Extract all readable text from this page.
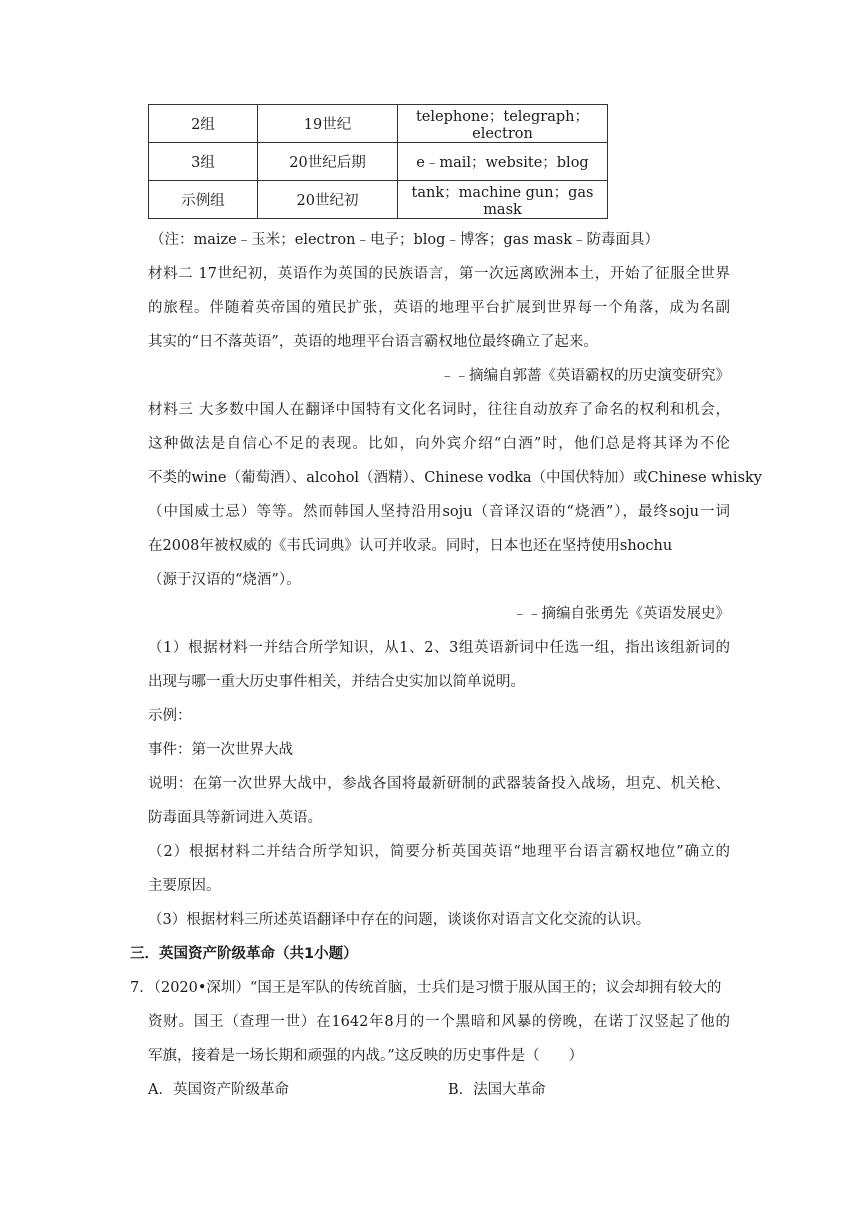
2组	19世纪	telephone；telegraph；electron
3组	20世纪后期	e﹣mail；website；blog
示例组	20世纪初	tank；machine gun；gas mask
（注：maize﹣玉米；electron﹣电子；blog﹣博客；gas mask﹣防毒面具）
材料二 17世纪初，英语作为英国的民族语言，第一次远离欧洲本土，开始了征服全世界
的旅程。伴随着英帝国的殖民扩张，英语的地理平台扩展到世界每一个角落，成为名副
其实的“日不落英语”，英语的地理平台语言霸权地位最终确立了起来。
﹣﹣摘编自郭蔷《英语霸权的历史演变研究》
材料三 大多数中国人在翻译中国特有文化名词时，往往自动放弃了命名的权利和机会，
这种做法是自信心不足的表现。比如，向外宾介绍“白酒”时，他们总是将其译为不伦
不类的wine（葡萄酒）、alcohol（酒精）、Chinese vodka（中国伏特加）或Chinese whisky
（中国威士忌）等等。然而韩国人坚持沿用soju（音译汉语的“烧酒”），最终soju一词
在2008年被权威的《韦氏词典》认可并收录。同时，日本也还在坚持使用shochu
（源于汉语的“烧酒”）。
﹣﹣摘编自张勇先《英语发展史》
（1）根据材料一并结合所学知识，从1、2、3组英语新词中任选一组，指出该组新词的
出现与哪一重大历史事件相关，并结合史实加以简单说明。
示例：
事件：第一次世界大战
说明：在第一次世界大战中，参战各国将最新研制的武器装备投入战场，坦克、机关枪、
防毒面具等新词进入英语。
（2）根据材料二并结合所学知识，简要分析英国英语“地理平台语言霸权地位”确立的
主要原因。
（3）根据材料三所述英语翻译中存在的问题，谈谈你对语言文化交流的认识。
三．英国资产阶级革命（共1小题）
7．（2020•深圳）“国王是军队的传统首脑，士兵们是习惯于服从国王的；议会却拥有较大的
资财。国王（查理一世）在1642年8月的一个黑暗和风暴的傍晚，在诺丁汉竖起了他的
军旗，接着是一场长期和顽强的内战。”这反映的历史事件是（　　）
A．英国资产阶级革命	B．法国大革命
